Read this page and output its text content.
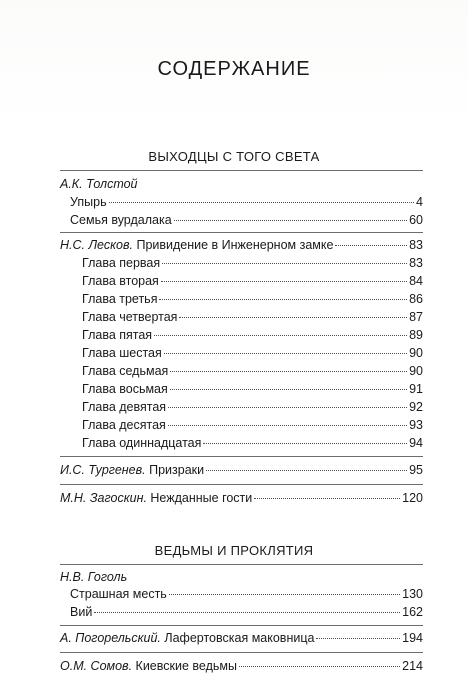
СОДЕРЖАНИЕ
ВЫХОДЦЫ С ТОГО СВЕТА
А.К. Толстой
Упырь	4
Семья вурдалака	60
Н.С. Лесков. Привидение в Инженерном замке	83
Глава первая	83
Глава вторая	84
Глава третья	86
Глава четвертая	87
Глава пятая	89
Глава шестая	90
Глава седьмая	90
Глава восьмая	91
Глава девятая	92
Глава десятая	93
Глава одиннадцатая	94
И.С. Тургенев. Призраки	95
М.Н. Загоскин. Нежданные гости	120
ВЕДЬМЫ И ПРОКЛЯТИЯ
Н.В. Гоголь
Страшная месть	130
Вий	162
А. Погорельский. Лафертовская маковница	194
О.М. Сомов. Киевские ведьмы	214
